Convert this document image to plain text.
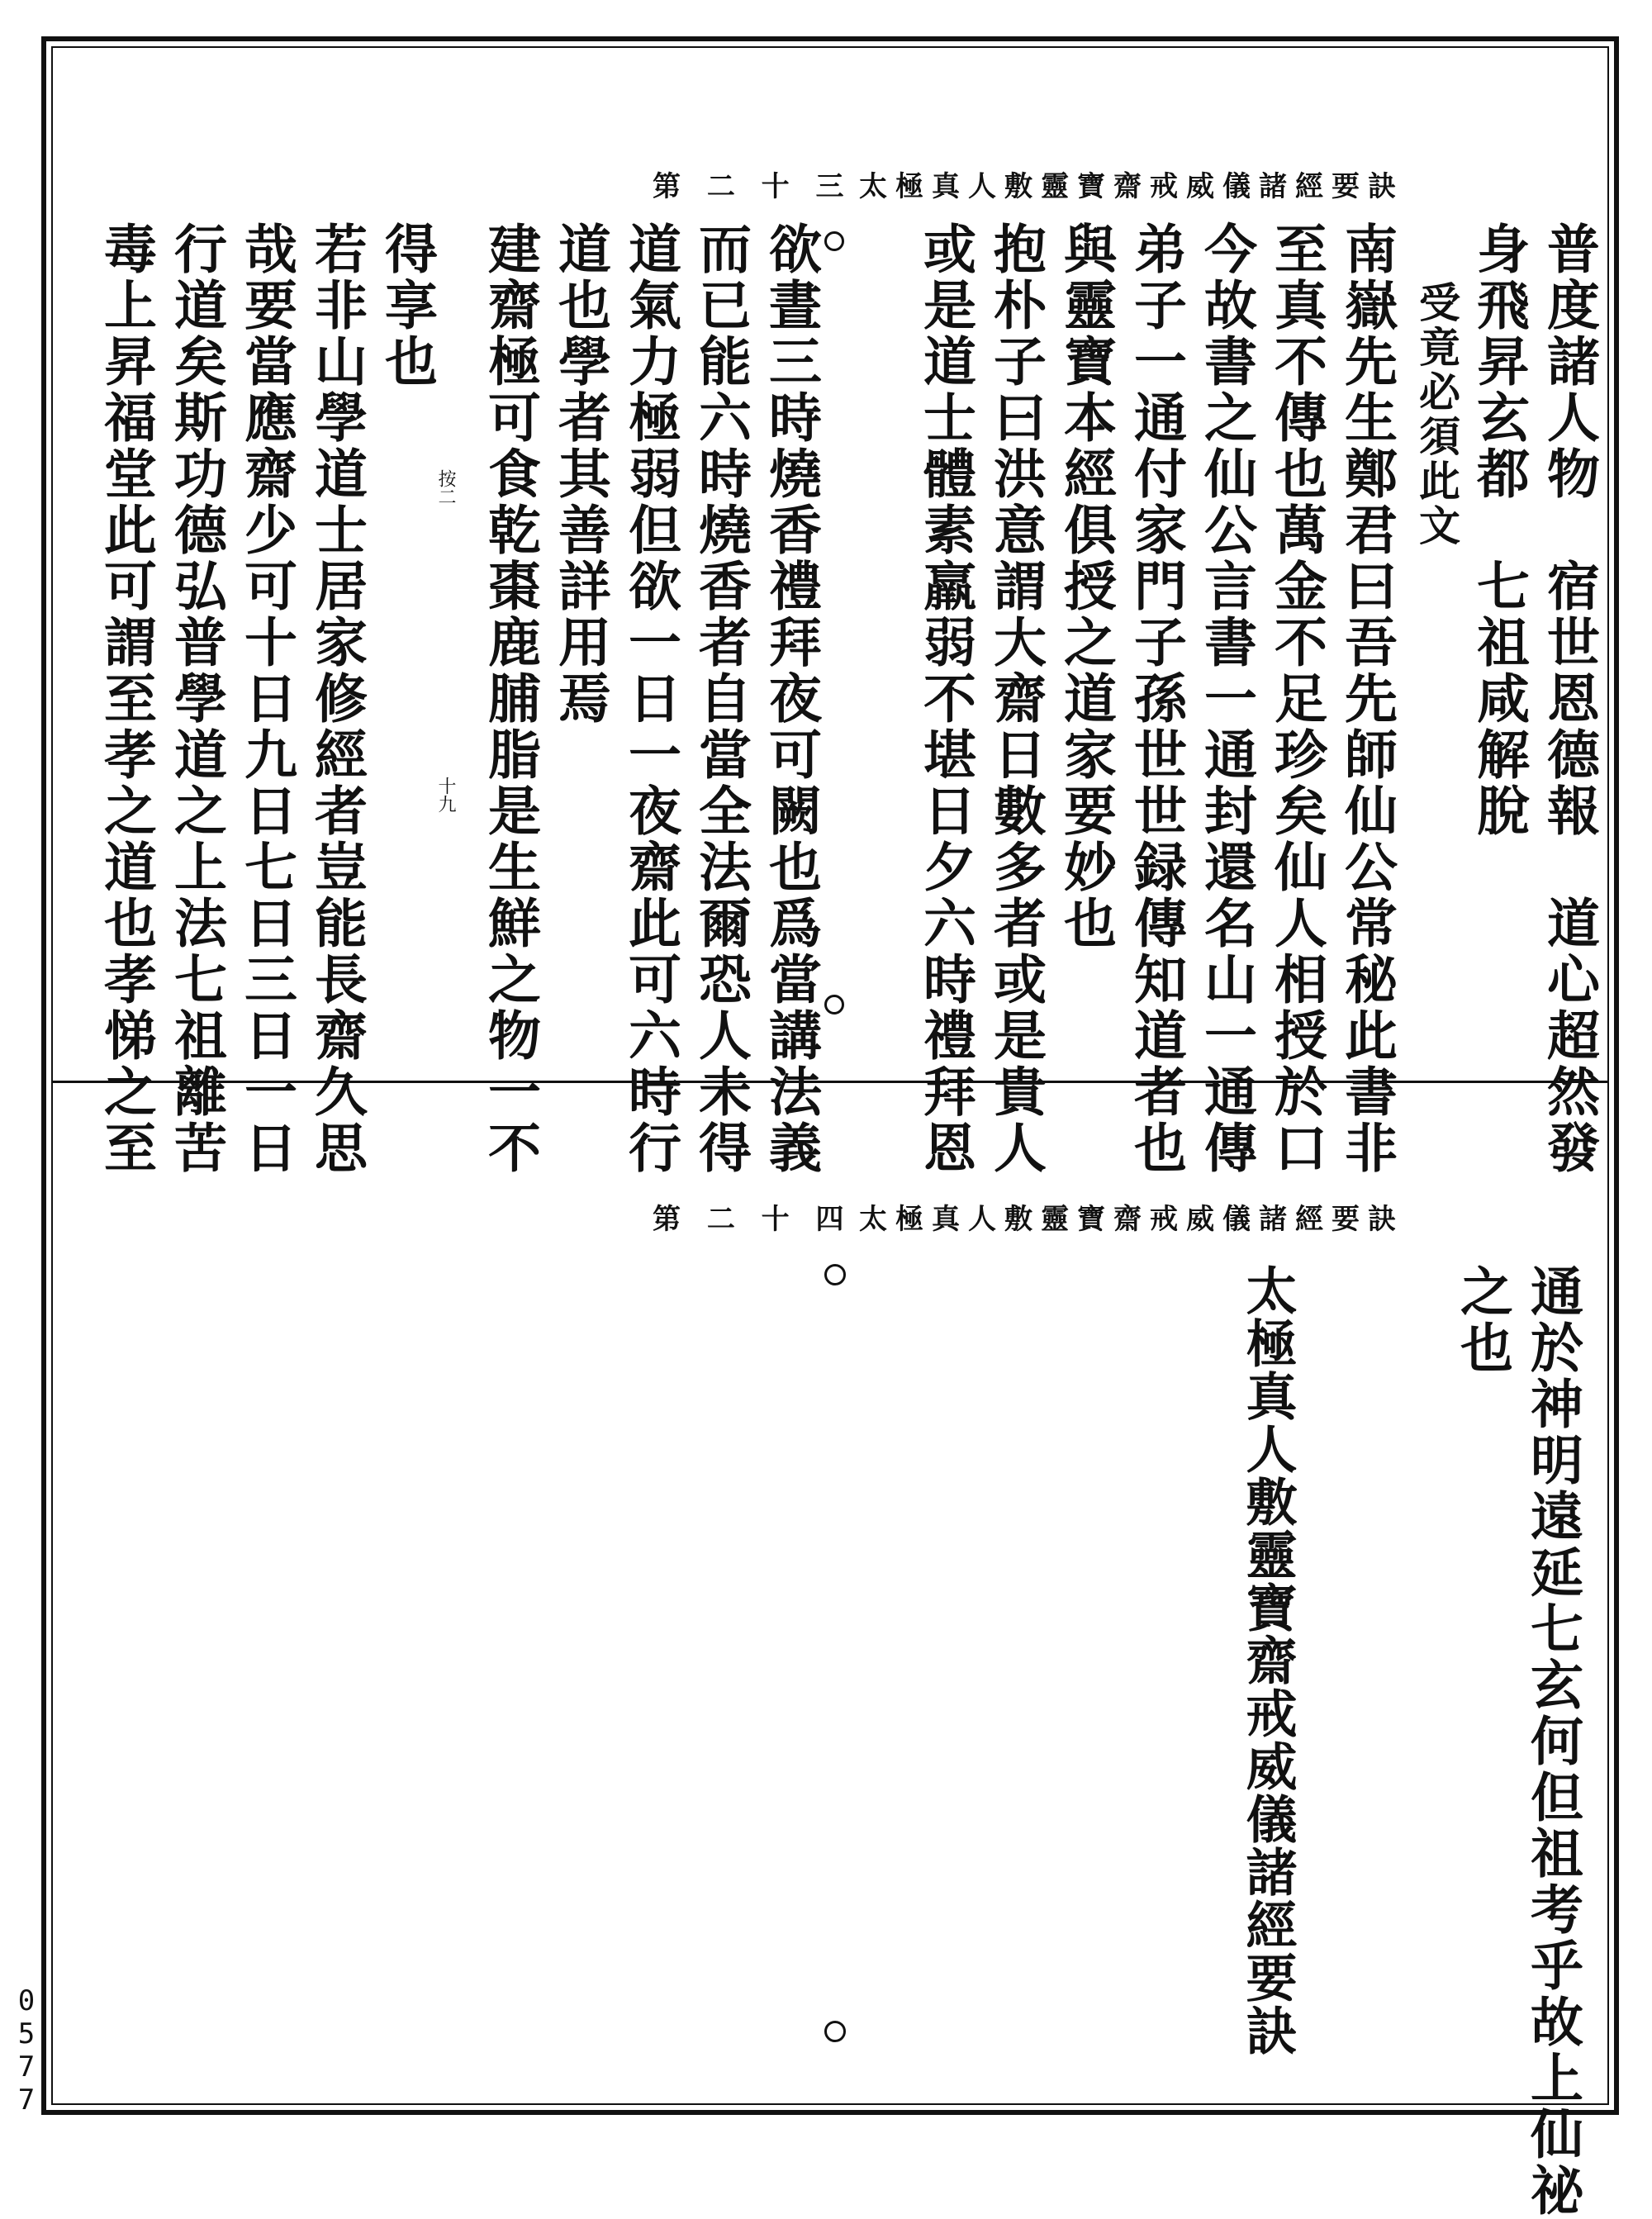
太極真人敷靈寶齋戒威儀諸經要訣
第 二 十 三
普度諸人物　宿世恩德報　道心超然發
身飛昇玄都　七祖咸解脫
受竟必須此文
南嶽先生鄭君曰吾先師仙公常秘此書非
至真不傳也萬金不足珍矣仙人相授於口
今故書之仙公言書一通封還名山一通傳
弟子一通付家門子孫世世録傳知道者也
與靈寶本經俱授之道家要妙也
抱朴子曰洪意謂大齋日數多者或是貴人
或是道士體素羸弱不堪日夕六時禮拜恩
欲晝三時燒香禮拜夜可闕也爲當講法義
而已能六時燒香者自當全法爾恐人未得
道氣力極弱但欲一日一夜齋此可六時行
道也學者其善詳用焉
建齋極可食乾棗鹿脯脂是生鮮之物一不
得享也
若非山學道士居家修經者豈能長齋久思
哉要當應齋少可十日九日七日三日一日
行道矣斯功德弘普學道之上法七祖離苦
毒上昇福堂此可謂至孝之道也孝悌之至	按二
十九
太極真人敷靈寶齋戒威儀諸經要訣
第 二 十 四
通於神明遠延七玄何但祖考乎故上仙祕
之也
太極真人敷靈寶齋戒威儀諸經要訣
0
5
7
7
